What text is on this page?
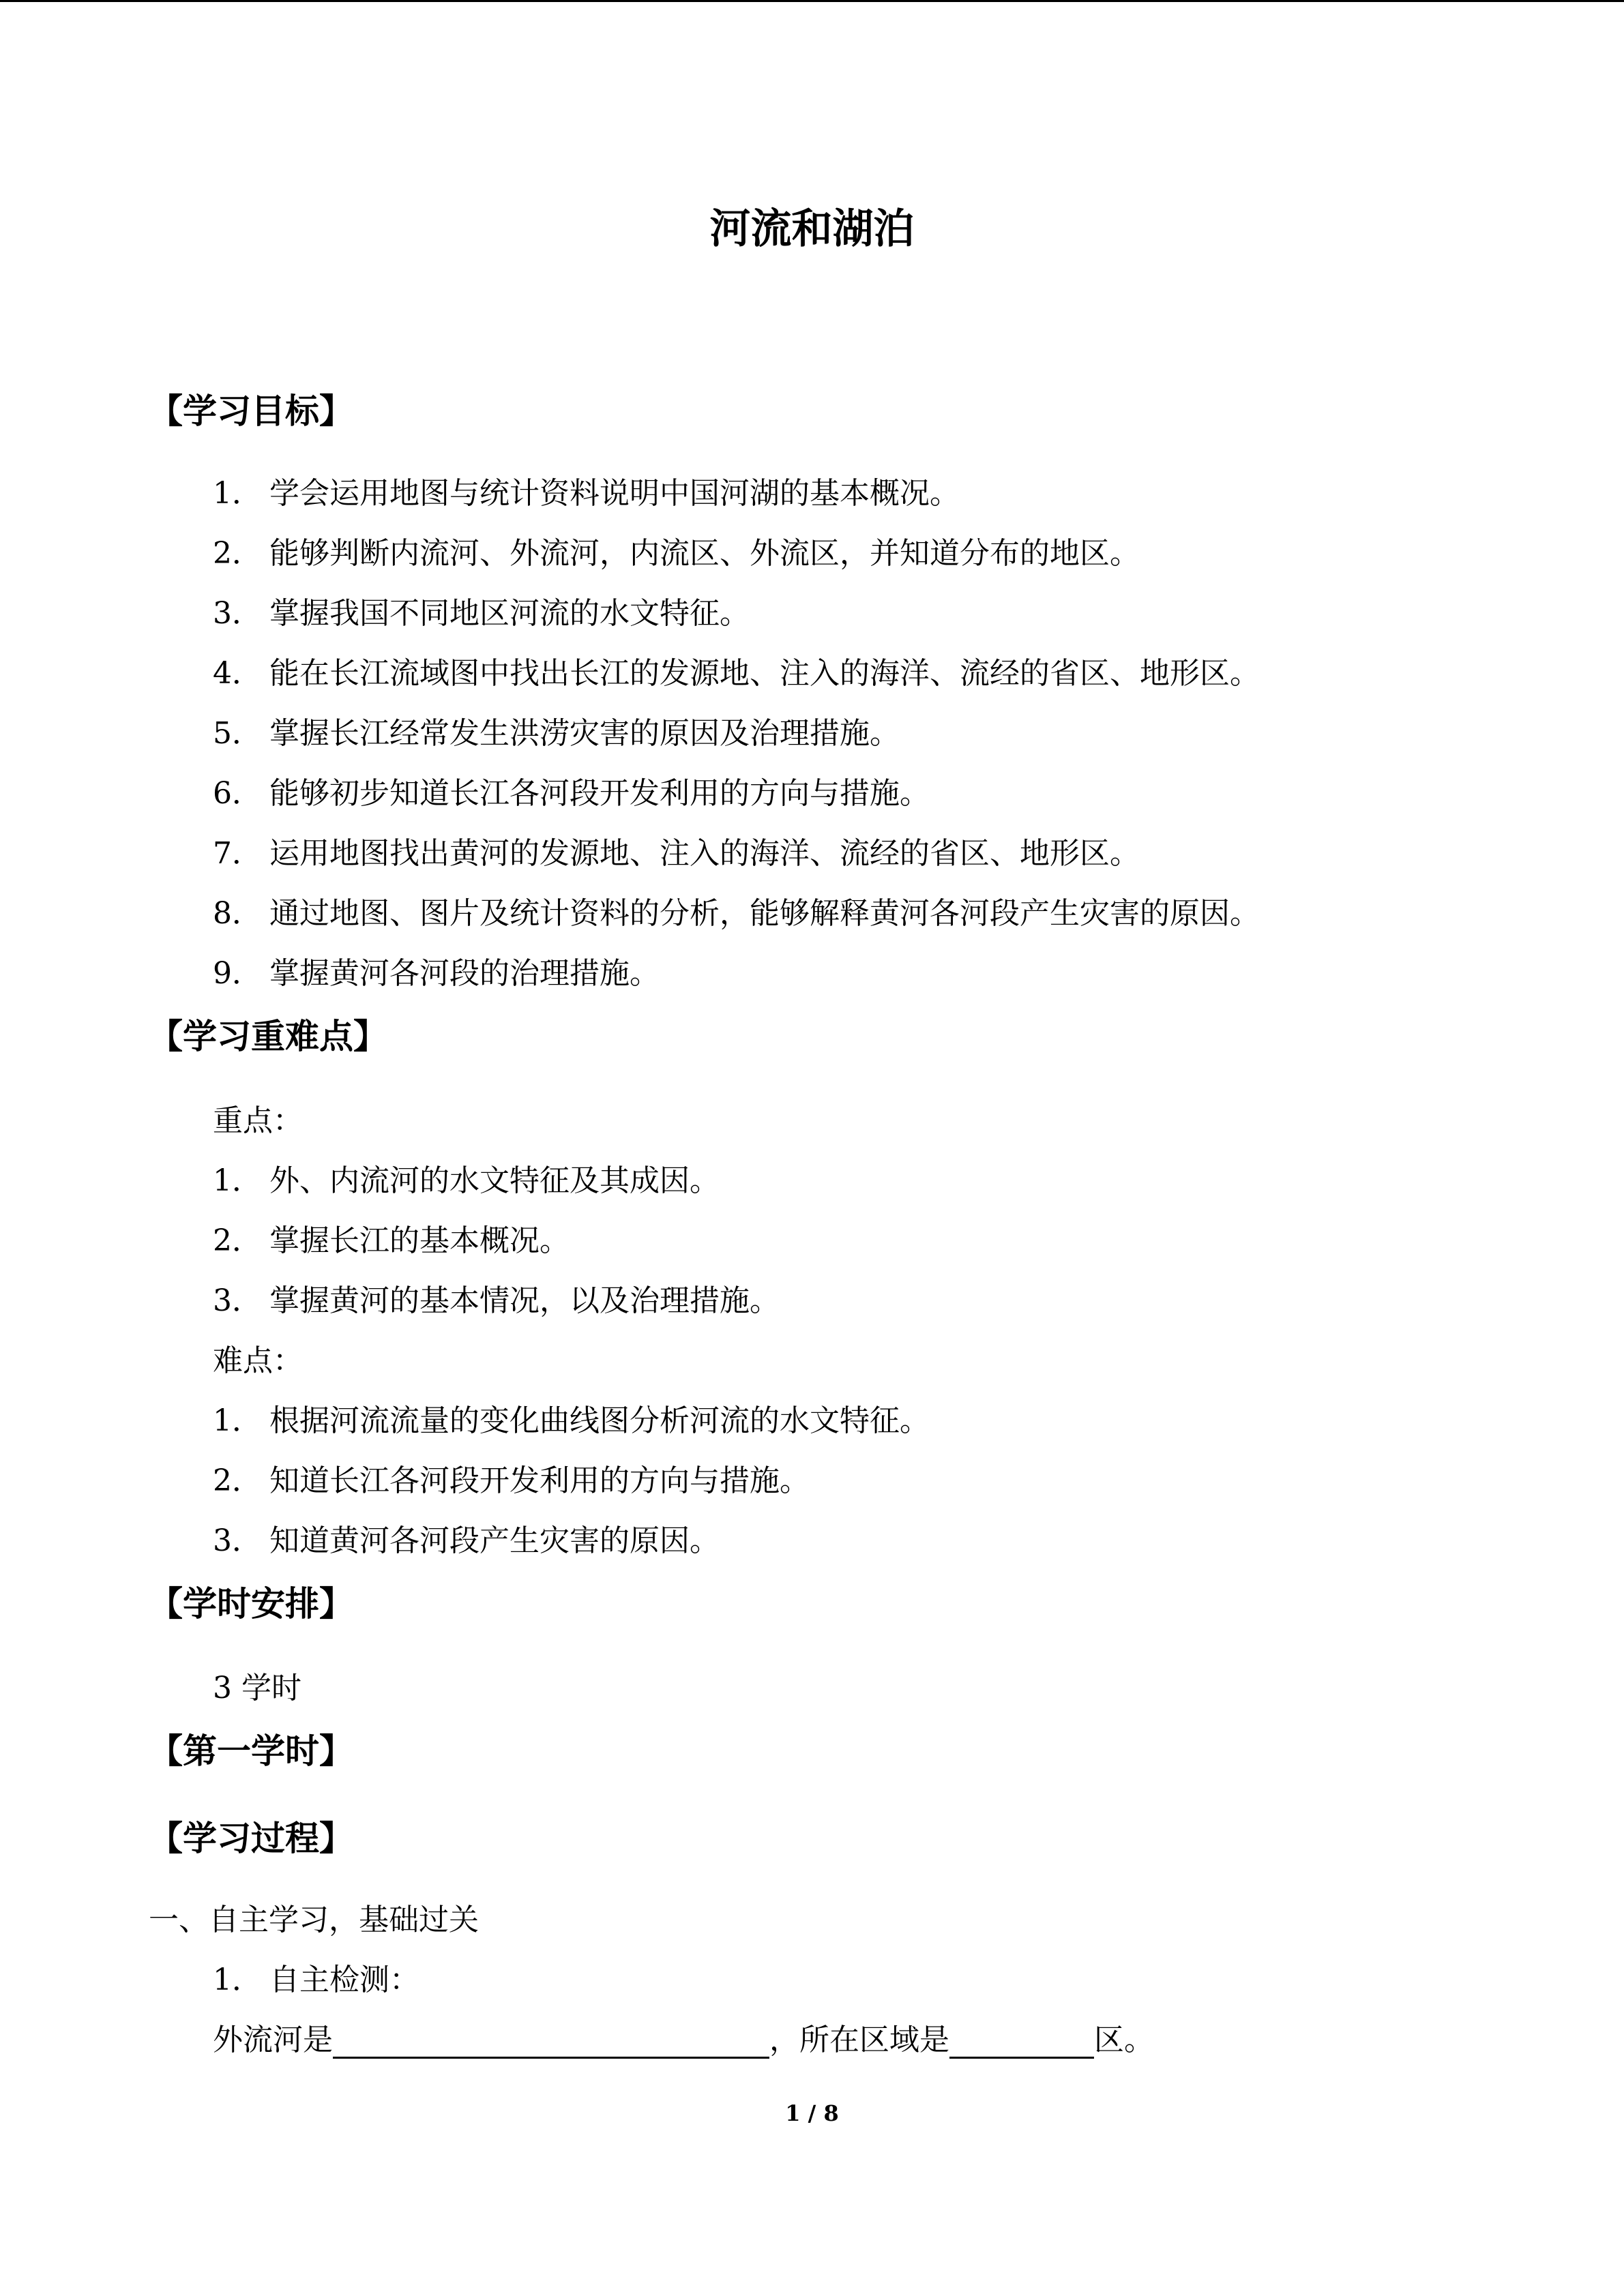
河流和湖泊
【学习目标】
1． 学会运用地图与统计资料说明中国河湖的基本概况。
2． 能够判断内流河、外流河，内流区、外流区，并知道分布的地区。
3． 掌握我国不同地区河流的水文特征。
4． 能在长江流域图中找出长江的发源地、注入的海洋、流经的省区、地形区。
5． 掌握长江经常发生洪涝灾害的原因及治理措施。
6． 能够初步知道长江各河段开发利用的方向与措施。
7． 运用地图找出黄河的发源地、注入的海洋、流经的省区、地形区。
8． 通过地图、图片及统计资料的分析，能够解释黄河各河段产生灾害的原因。
9． 掌握黄河各河段的治理措施。
【学习重难点】
重点：
1． 外、内流河的水文特征及其成因。
2． 掌握长江的基本概况。
3． 掌握黄河的基本情况，以及治理措施。
难点：
1． 根据河流流量的变化曲线图分析河流的水文特征。
2． 知道长江各河段开发利用的方向与措施。
3． 知道黄河各河段产生灾害的原因。
【学时安排】
3 学时
【第一学时】
【学习过程】
一、自主学习，基础过关
1． 自主检测：
外流河是	，所在区域是	区。
1 / 8
